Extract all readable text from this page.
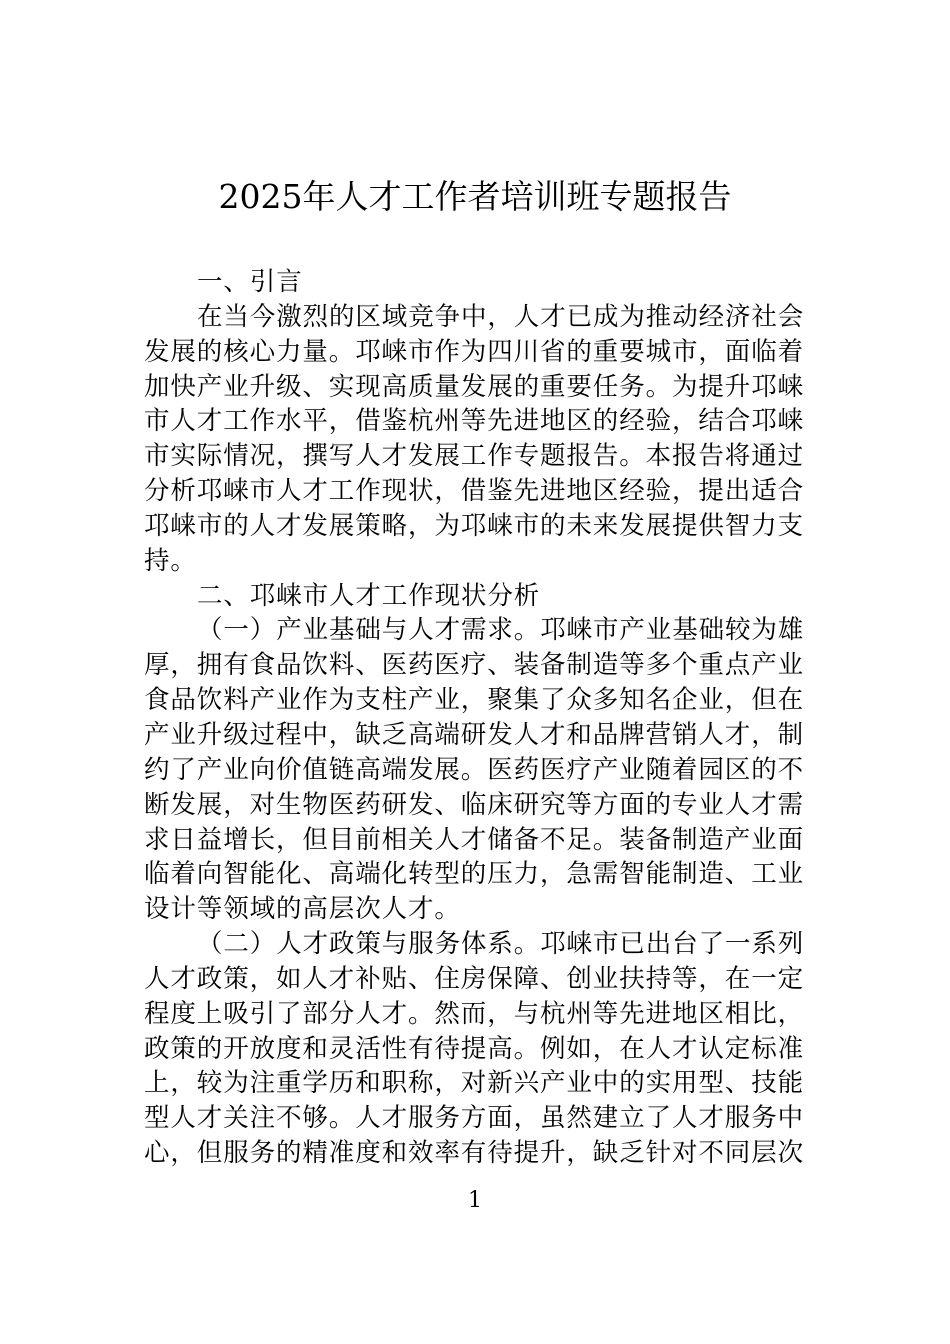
2025年人才工作者培训班专题报告
一、引言
在当今激烈的区域竞争中，人才已成为推动经济社会
发展的核心力量。邛崃市作为四川省的重要城市，面临着
加快产业升级、实现高质量发展的重要任务。为提升邛崃
市人才工作水平，借鉴杭州等先进地区的经验，结合邛崃
市实际情况，撰写人才发展工作专题报告。本报告将通过
分析邛崃市人才工作现状，借鉴先进地区经验，提出适合
邛崃市的人才发展策略，为邛崃市的未来发展提供智力支
持。
二、邛崃市人才工作现状分析
（一）产业基础与人才需求。邛崃市产业基础较为雄
厚，拥有食品饮料、医药医疗、装备制造等多个重点产业
食品饮料产业作为支柱产业，聚集了众多知名企业，但在
产业升级过程中，缺乏高端研发人才和品牌营销人才，制
约了产业向价值链高端发展。医药医疗产业随着园区的不
断发展，对生物医药研发、临床研究等方面的专业人才需
求日益增长，但目前相关人才储备不足。装备制造产业面
临着向智能化、高端化转型的压力，急需智能制造、工业
设计等领域的高层次人才。
（二）人才政策与服务体系。邛崃市已出台了一系列
人才政策，如人才补贴、住房保障、创业扶持等，在一定
程度上吸引了部分人才。然而，与杭州等先进地区相比，
政策的开放度和灵活性有待提高。例如，在人才认定标准
上，较为注重学历和职称，对新兴产业中的实用型、技能
型人才关注不够。人才服务方面，虽然建立了人才服务中
心，但服务的精准度和效率有待提升，缺乏针对不同层次
1
